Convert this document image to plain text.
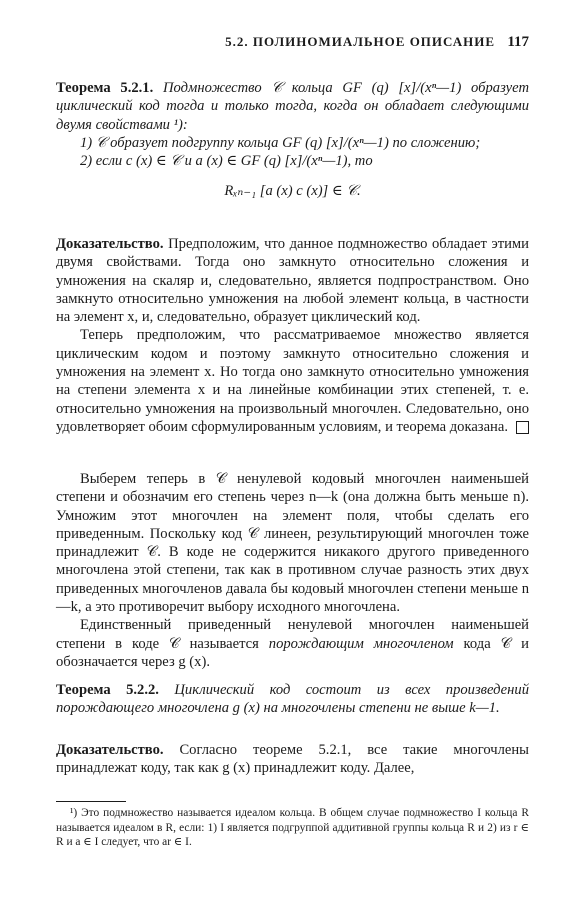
5.2. ПОЛИНОМИАЛЬНОЕ ОПИСАНИЕ 117

Теорема 5.2.1. Подмножество 𝒞 кольца GF (q) [x]/(xⁿ—1) образует циклический код тогда и только тогда, когда он обладает следующими двумя свойствами ¹):

1) 𝒞 образует подгруппу кольца GF (q) [x]/(xⁿ—1) по сложению;

2) если c (x) ∈ 𝒞 и a (x) ∈ GF (q) [x]/(xⁿ—1), то

Rₓₙ₋₁ [a (x) c (x)] ∈ 𝒞.

Доказательство. Предположим, что данное подмножество обладает этими двумя свойствами. Тогда оно замкнуто относительно сложения и умножения на скаляр и, следовательно, является подпространством. Оно замкнуто относительно умножения на любой элемент кольца, в частности на элемент x, и, следовательно, образует циклический код.

Теперь предположим, что рассматриваемое множество является циклическим кодом и поэтому замкнуто относительно сложения и умножения на элемент x. Но тогда оно замкнуто относительно умножения на степени элемента x и на линейные комбинации этих степеней, т. е. относительно умножения на произвольный многочлен. Следовательно, оно удовлетворяет обоим сформулированным условиям, и теорема доказана.

Выберем теперь в 𝒞 ненулевой кодовый многочлен наименьшей степени и обозначим его степень через n—k (она должна быть меньше n). Умножим этот многочлен на элемент поля, чтобы сделать его приведенным. Поскольку код 𝒞 линеен, результирующий многочлен тоже принадлежит 𝒞. В коде не содержится никакого другого приведенного многочлена этой степени, так как в противном случае разность этих двух приведенных многочленов давала бы кодовый многочлен степени меньше n—k, а это противоречит выбору исходного многочлена.

Единственный приведенный ненулевой многочлен наименьшей степени в коде 𝒞 называется порождающим многочленом кода 𝒞 и обозначается через g (x).

Теорема 5.2.2. Циклический код состоит из всех произведений порождающего многочлена g (x) на многочлены степени не выше k—1.

Доказательство. Согласно теореме 5.2.1, все такие многочлены принадлежат коду, так как g (x) принадлежит коду. Далее,

¹) Это подмножество называется идеалом кольца. В общем случае подмножество I кольца R называется идеалом в R, если: 1) I является подгруппой аддитивной группы кольца R и 2) из r ∈ R и a ∈ I следует, что ar ∈ I.
